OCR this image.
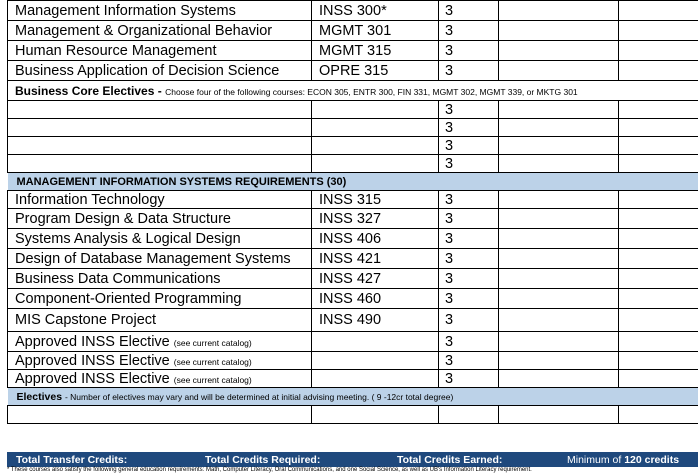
Management Information Systems	INSS 300*	3		
Management & Organizational Behavior	MGMT 301	3		
Human Resource Management	MGMT 315	3		
Business Application of Decision Science	OPRE 315	3		
Business Core Electives - Choose four of the following courses: ECON 305, ENTR 300, FIN 331, MGMT 302, MGMT 339, or MKTG 301				
		3		
		3		
		3		
		3		
MANAGEMENT INFORMATION SYSTEMS REQUIREMENTS (30)				
Information Technology	INSS 315	3		
Program Design & Data Structure	INSS 327	3		
Systems Analysis & Logical Design	INSS 406	3		
Design of Database Management Systems	INSS 421	3		
Business Data Communications	INSS 427	3		
Component-Oriented Programming	INSS 460	3		
MIS Capstone Project	INSS 490	3		
Approved INSS Elective (see current catalog)		3		
Approved INSS Elective (see current catalog)		3		
Approved INSS Elective (see current catalog)		3		
Electives - Number of electives may vary and will be determined at initial advising meeting. ( 9 -12cr total degree)				

Total Transfer Credits:	Total Credits Required:	Total Credits Earned:	Minimum of 120 credits
* These courses also satisfy the following general education requirements: Math, Computer Literacy, Oral Communications, and one Social Science, as well as UB's Information Literacy requirement.
